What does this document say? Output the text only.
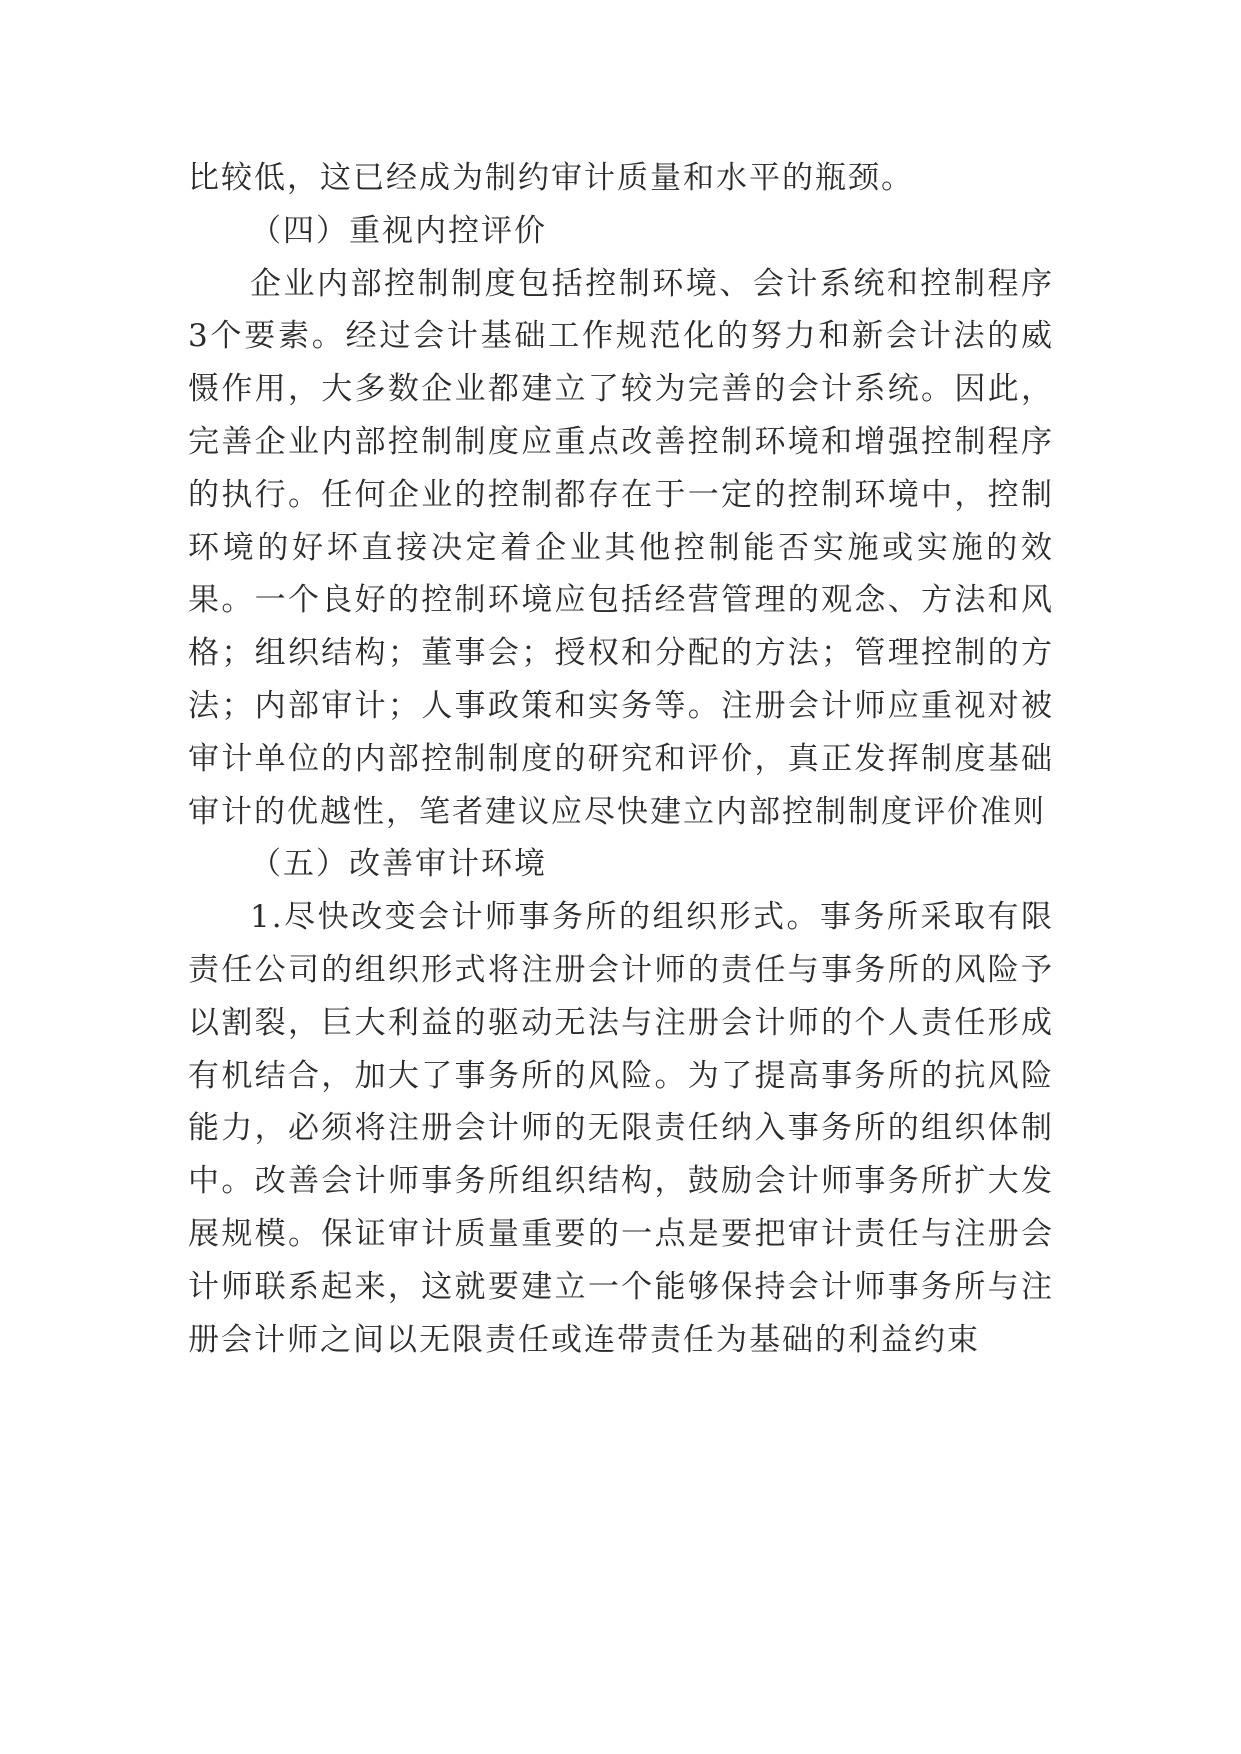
比较低，这已经成为制约审计质量和水平的瓶颈。

（四）重视内控评价

企业内部控制制度包括控制环境、会计系统和控制程序3个要素。经过会计基础工作规范化的努力和新会计法的威慑作用，大多数企业都建立了较为完善的会计系统。因此，完善企业内部控制制度应重点改善控制环境和增强控制程序的执行。任何企业的控制都存在于一定的控制环境中，控制环境的好坏直接决定着企业其他控制能否实施或实施的效果。一个良好的控制环境应包括经营管理的观念、方法和风格；组织结构；董事会；授权和分配的方法；管理控制的方法；内部审计；人事政策和实务等。注册会计师应重视对被审计单位的内部控制制度的研究和评价，真正发挥制度基础审计的优越性，笔者建议应尽快建立内部控制制度评价准则

（五）改善审计环境

1.尽快改变会计师事务所的组织形式。事务所采取有限责任公司的组织形式将注册会计师的责任与事务所的风险予以割裂，巨大利益的驱动无法与注册会计师的个人责任形成有机结合，加大了事务所的风险。为了提高事务所的抗风险能力，必须将注册会计师的无限责任纳入事务所的组织体制中。改善会计师事务所组织结构，鼓励会计师事务所扩大发展规模。保证审计质量重要的一点是要把审计责任与注册会计师联系起来，这就要建立一个能够保持会计师事务所与注册会计师之间以无限责任或连带责任为基础的利益约束
